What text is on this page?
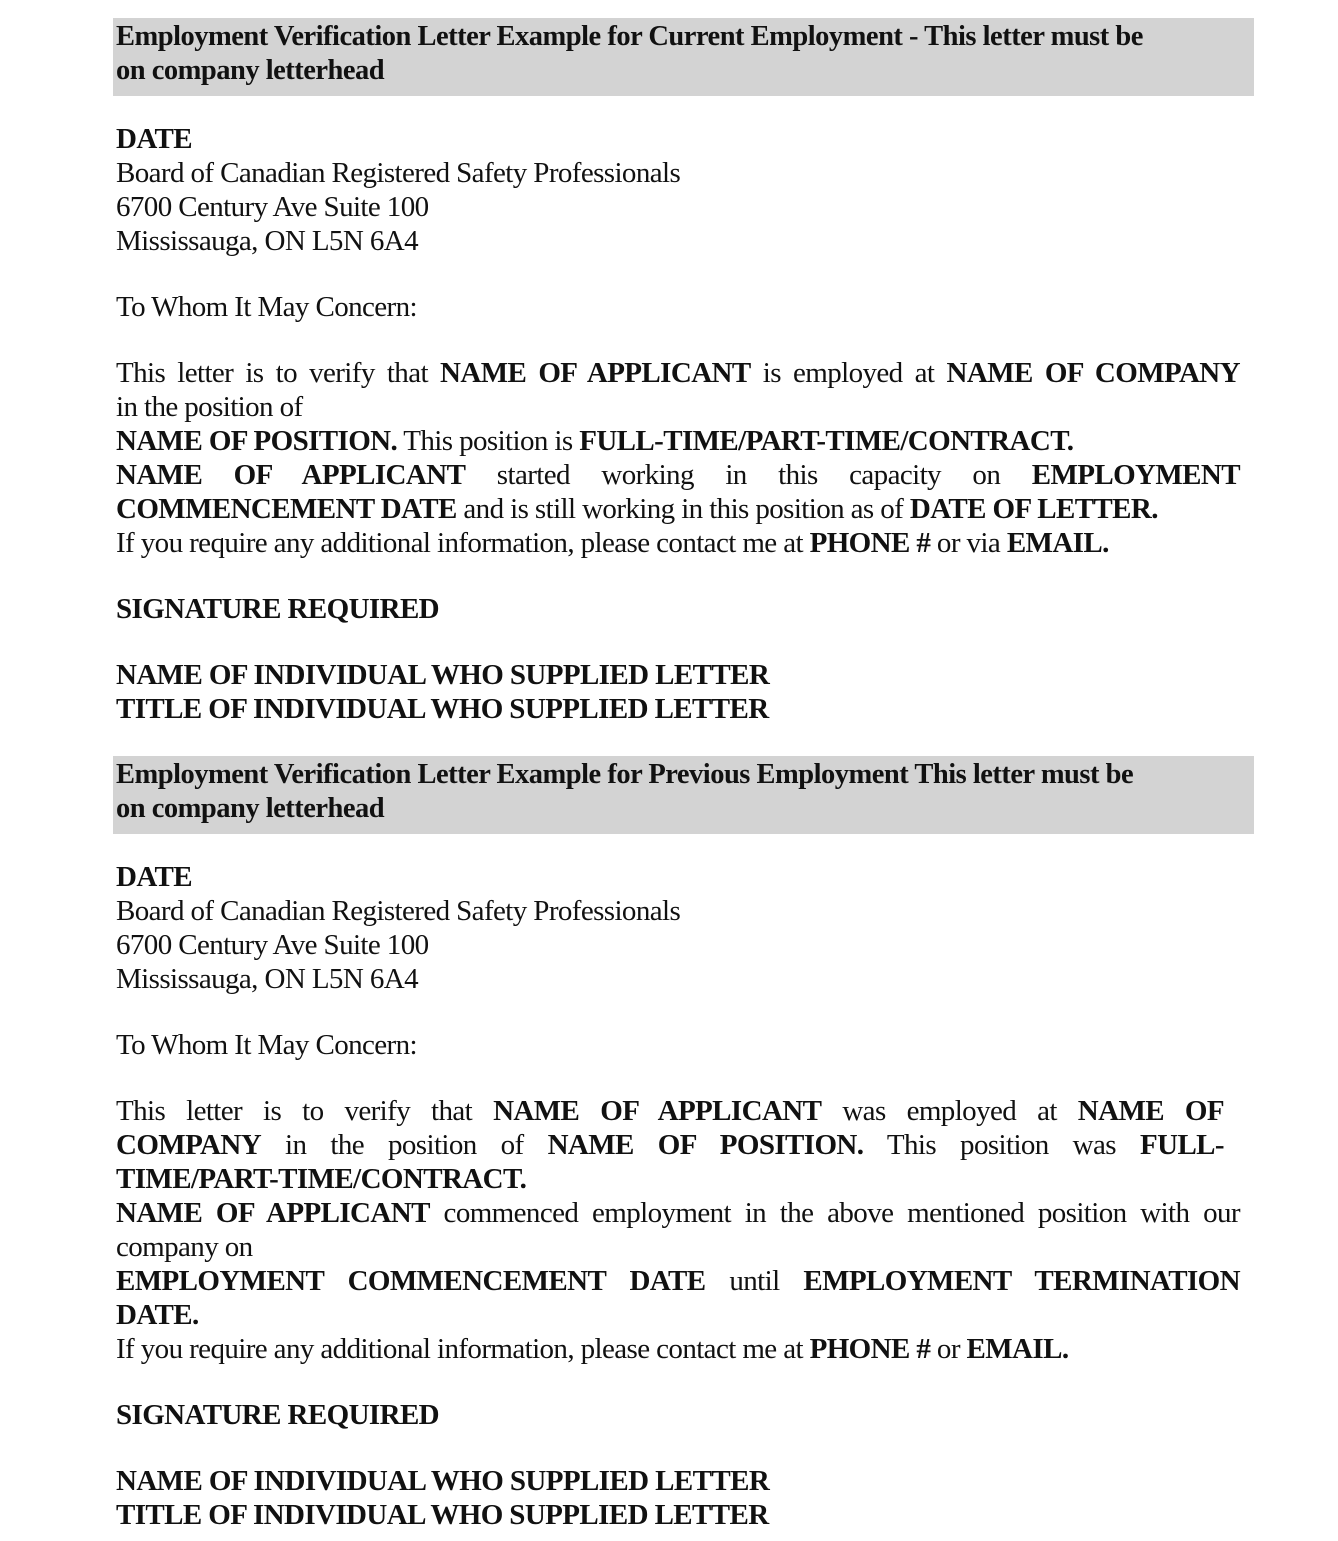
Employment Verification Letter Example for Current Employment - This letter must be
on company letterhead
DATE
Board of Canadian Registered Safety Professionals
6700 Century Ave Suite 100
Mississauga, ON L5N 6A4
To Whom It May Concern:
This letter is to verify that NAME OF APPLICANT is employed at NAME OF COMPANY
in the position of
NAME OF POSITION. This position is FULL-TIME/PART-TIME/CONTRACT.
NAME OF APPLICANT started working in this capacity on EMPLOYMENT
COMMENCEMENT DATE and is still working in this position as of DATE OF LETTER.
If you require any additional information, please contact me at PHONE # or via EMAIL.
SIGNATURE REQUIRED
NAME OF INDIVIDUAL WHO SUPPLIED LETTER
TITLE OF INDIVIDUAL WHO SUPPLIED LETTER
Employment Verification Letter Example for Previous Employment This letter must be
on company letterhead
DATE
Board of Canadian Registered Safety Professionals
6700 Century Ave Suite 100
Mississauga, ON L5N 6A4
To Whom It May Concern:
This letter is to verify that NAME OF APPLICANT was employed at NAME OF
COMPANY in the position of NAME OF POSITION. This position was FULL-
TIME/PART-TIME/CONTRACT.
NAME OF APPLICANT commenced employment in the above mentioned position with our
company on
EMPLOYMENT COMMENCEMENT DATE until EMPLOYMENT TERMINATION
DATE.
If you require any additional information, please contact me at PHONE # or EMAIL.
SIGNATURE REQUIRED
NAME OF INDIVIDUAL WHO SUPPLIED LETTER
TITLE OF INDIVIDUAL WHO SUPPLIED LETTER
